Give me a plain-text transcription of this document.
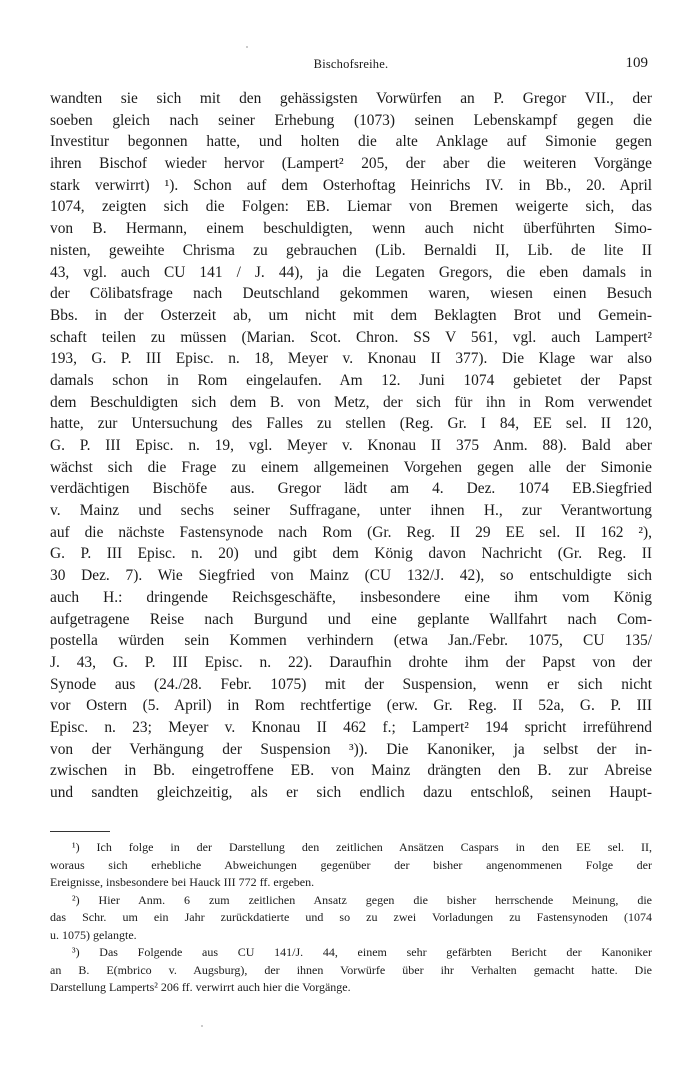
Bischofsreihe.	109
wandten sie sich mit den gehässigsten Vorwürfen an P. Gregor VII., der
soeben gleich nach seiner Erhebung (1073) seinen Lebenskampf gegen die
Investitur begonnen hatte, und holten die alte Anklage auf Simonie gegen
ihren Bischof wieder hervor (Lampert² 205, der aber die weiteren Vorgänge
stark verwirrt) ¹). Schon auf dem Osterhoftag Heinrichs IV. in Bb., 20. April
1074, zeigten sich die Folgen: EB. Liemar von Bremen weigerte sich, das
von B. Hermann, einem beschuldigten, wenn auch nicht überführten Simo-
nisten, geweihte Chrisma zu gebrauchen (Lib. Bernaldi II, Lib. de lite II
43, vgl. auch CU 141 / J. 44), ja die Legaten Gregors, die eben damals in
der Cölibatsfrage nach Deutschland gekommen waren, wiesen einen Besuch
Bbs. in der Osterzeit ab, um nicht mit dem Beklagten Brot und Gemein-
schaft teilen zu müssen (Marian. Scot. Chron. SS V 561, vgl. auch Lampert²
193, G. P. III Episc. n. 18, Meyer v. Knonau II 377). Die Klage war also
damals schon in Rom eingelaufen. Am 12. Juni 1074 gebietet der Papst
dem Beschuldigten sich dem B. von Metz, der sich für ihn in Rom verwendet
hatte, zur Untersuchung des Falles zu stellen (Reg. Gr. I 84, EE sel. II 120,
G. P. III Episc. n. 19, vgl. Meyer v. Knonau II 375 Anm. 88). Bald aber
wächst sich die Frage zu einem allgemeinen Vorgehen gegen alle der Simonie
verdächtigen Bischöfe aus. Gregor lädt am 4. Dez. 1074 EB.Siegfried
v. Mainz und sechs seiner Suffragane, unter ihnen H., zur Verantwortung
auf die nächste Fastensynode nach Rom (Gr. Reg. II 29 EE sel. II 162 ²),
G. P. III Episc. n. 20) und gibt dem König davon Nachricht (Gr. Reg. II
30 Dez. 7). Wie Siegfried von Mainz (CU 132/J. 42), so entschuldigte sich
auch H.: dringende Reichsgeschäfte, insbesondere eine ihm vom König
aufgetragene Reise nach Burgund und eine geplante Wallfahrt nach Com-
postella würden sein Kommen verhindern (etwa Jan./Febr. 1075, CU 135/
J. 43, G. P. III Episc. n. 22). Daraufhin drohte ihm der Papst von der
Synode aus (24./28. Febr. 1075) mit der Suspension, wenn er sich nicht
vor Ostern (5. April) in Rom rechtfertige (erw. Gr. Reg. II 52a, G. P. III
Episc. n. 23; Meyer v. Knonau II 462 f.; Lampert² 194 spricht irreführend
von der Verhängung der Suspension ³)). Die Kanoniker, ja selbst der in-
zwischen in Bb. eingetroffene EB. von Mainz drängten den B. zur Abreise
und sandten gleichzeitig, als er sich endlich dazu entschloß, seinen Haupt-
¹) Ich folge in der Darstellung den zeitlichen Ansätzen Caspars in den EE sel. II,
woraus sich erhebliche Abweichungen gegenüber der bisher angenommenen Folge der
Ereignisse, insbesondere bei Hauck III 772 ff. ergeben.
²) Hier Anm. 6 zum zeitlichen Ansatz gegen die bisher herrschende Meinung, die
das Schr. um ein Jahr zurückdatierte und so zu zwei Vorladungen zu Fastensynoden (1074
u. 1075) gelangte.
³) Das Folgende aus CU 141/J. 44, einem sehr gefärbten Bericht der Kanoniker
an B. E(mbrico v. Augsburg), der ihnen Vorwürfe über ihr Verhalten gemacht hatte. Die
Darstellung Lamperts² 206 ff. verwirrt auch hier die Vorgänge.
